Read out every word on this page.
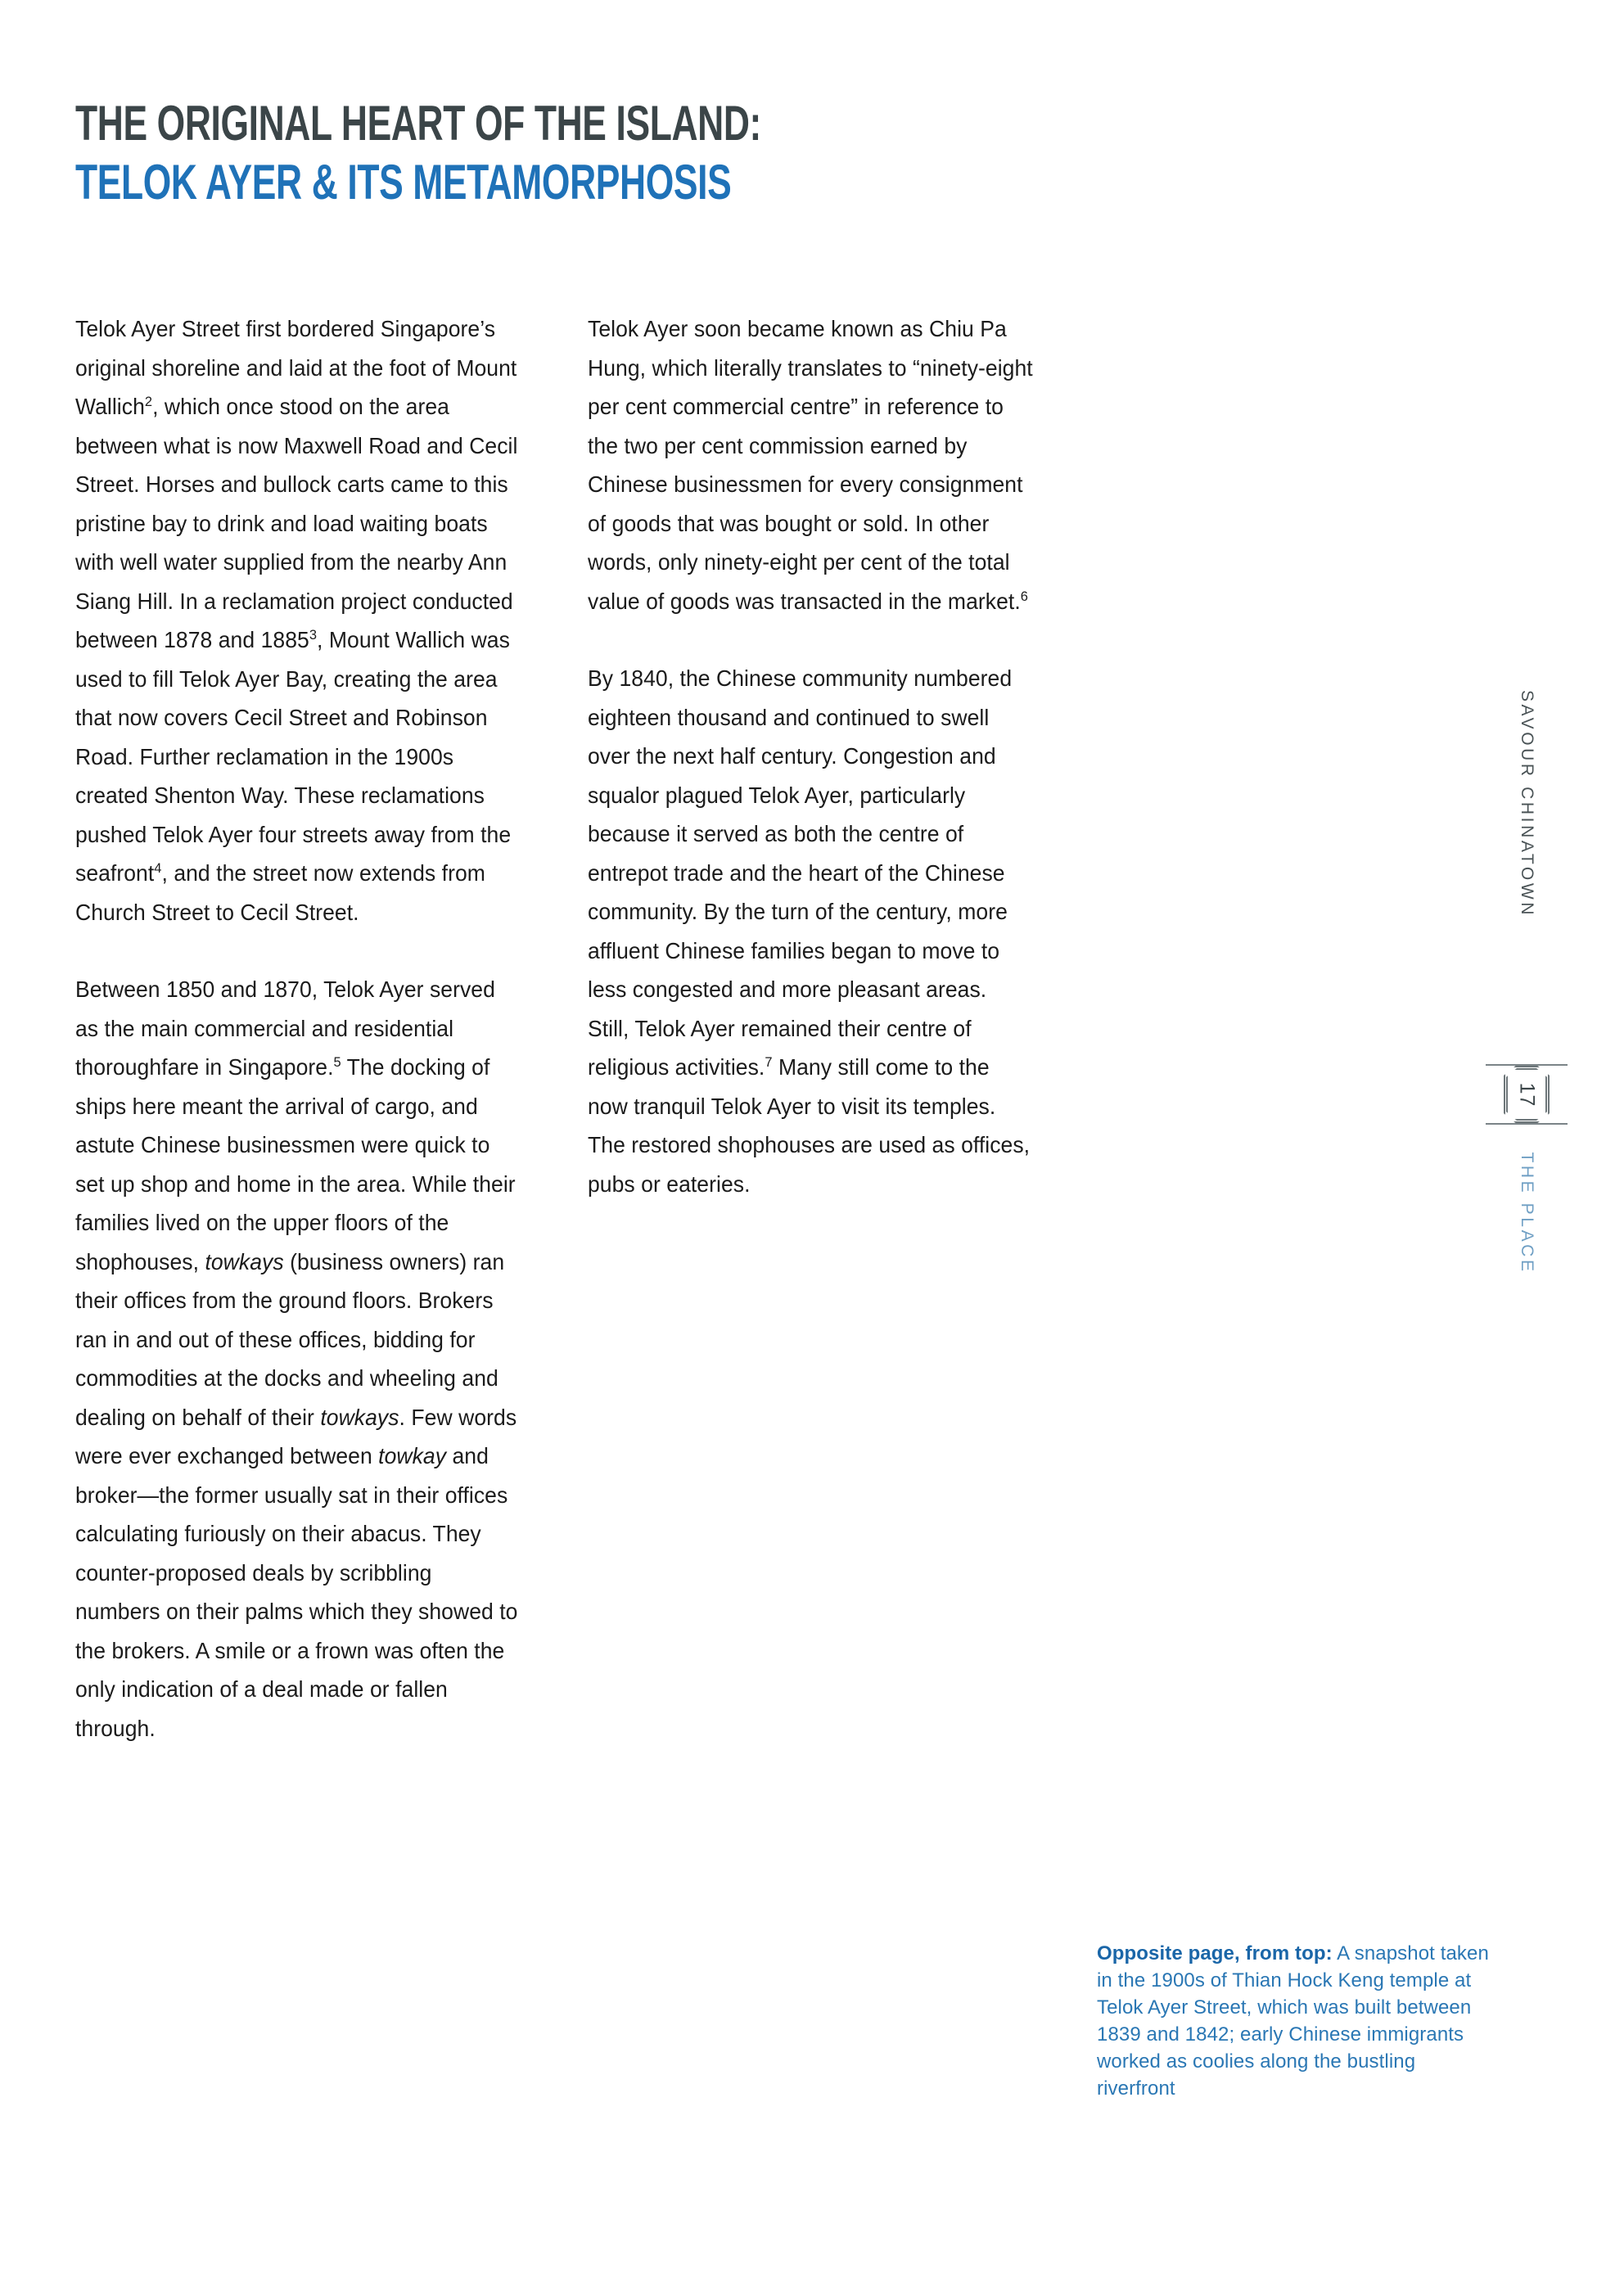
THE ORIGINAL HEART OF THE ISLAND:
TELOK AYER & ITS METAMORPHOSIS

Telok Ayer Street first bordered Singapore’s original shoreline and laid at the foot of Mount Wallich$^2$, which once stood on the area between what is now Maxwell Road and Cecil Street. Horses and bullock carts came to this pristine bay to drink and load waiting boats with well water supplied from the nearby Ann Siang Hill. In a reclamation project conducted between 1878 and 1885$^3$, Mount Wallich was used to fill Telok Ayer Bay, creating the area that now covers Cecil Street and Robinson Road. Further reclamation in the 1900s created Shenton Way. These reclamations pushed Telok Ayer four streets away from the seafront$^4$, and the street now extends from Church Street to Cecil Street.

Between 1850 and 1870, Telok Ayer served as the main commercial and residential thoroughfare in Singapore.$^5$ The docking of ships here meant the arrival of cargo, and astute Chinese businessmen were quick to set up shop and home in the area. While their families lived on the upper floors of the shophouses, towkays (business owners) ran their offices from the ground floors. Brokers ran in and out of these offices, bidding for commodities at the docks and wheeling and dealing on behalf of their towkays. Few words were ever exchanged between towkay and broker—the former usually sat in their offices calculating furiously on their abacus. They counter-proposed deals by scribbling numbers on their palms which they showed to the brokers. A smile or a frown was often the only indication of a deal made or fallen through.

Telok Ayer soon became known as Chiu Pa Hung, which literally translates to “ninety-eight per cent commercial centre” in reference to the two per cent commission earned by Chinese businessmen for every consignment of goods that was bought or sold. In other words, only ninety-eight per cent of the total value of goods was transacted in the market.$^6$

By 1840, the Chinese community numbered eighteen thousand and continued to swell over the next half century. Congestion and squalor plagued Telok Ayer, particularly because it served as both the centre of entrepot trade and the heart of the Chinese community. By the turn of the century, more affluent Chinese families began to move to less congested and more pleasant areas. Still, Telok Ayer remained their centre of religious activities.$^7$ Many still come to the now tranquil Telok Ayer to visit its temples. The restored shophouses are used as offices, pubs or eateries.

SAVOUR CHINATOWN
17
THE PLACE
Opposite page, from top: A snapshot taken in the 1900s of Thian Hock Keng temple at Telok Ayer Street, which was built between 1839 and 1842; early Chinese immigrants worked as coolies along the bustling riverfront
